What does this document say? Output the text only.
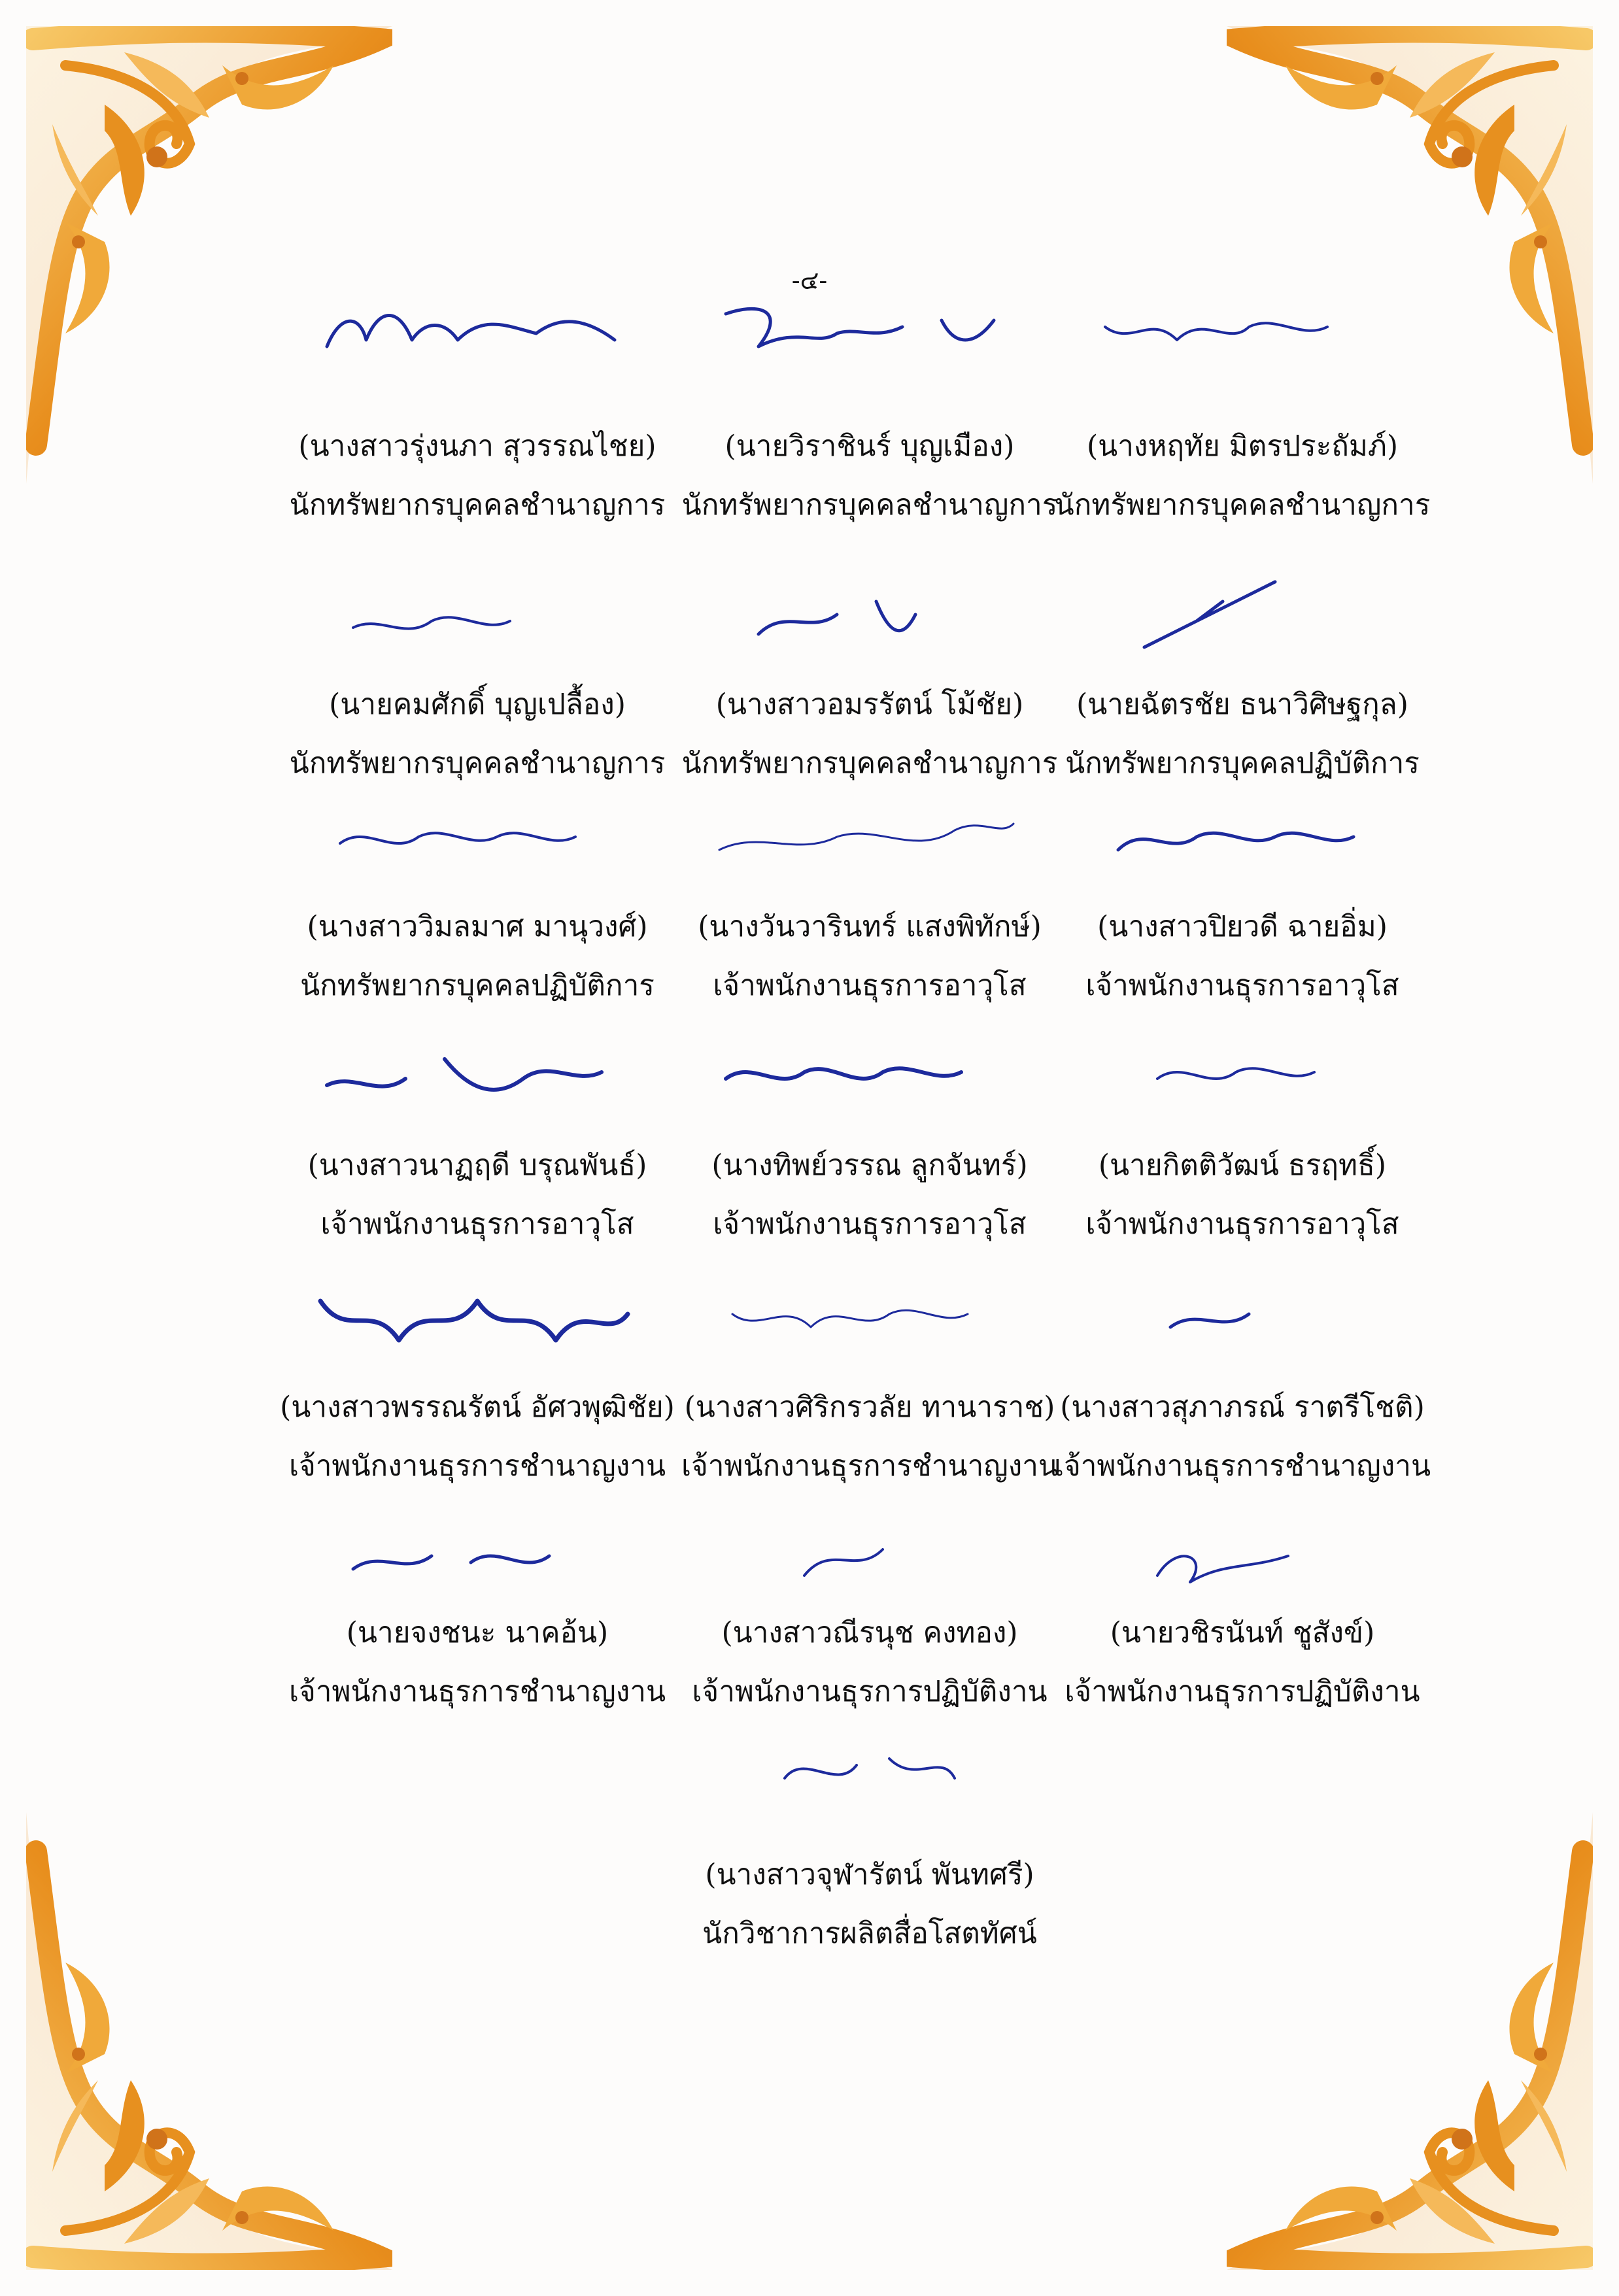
-๔-
(นางสาวรุ่งนภา สุวรรณไชย)
นักทรัพยากรบุคคลชำนาญการ
(นายวิราชินร์ บุญเมือง)
นักทรัพยากรบุคคลชำนาญการ
(นางหฤทัย มิตรประถัมภ์)
นักทรัพยากรบุคคลชำนาญการ
(นายคมศักดิ์ บุญเปลื้อง)
นักทรัพยากรบุคคลชำนาญการ
(นางสาวอมรรัตน์ โม้ชัย)
นักทรัพยากรบุคคลชำนาญการ
(นายฉัตรชัย ธนาวิศิษฐกุล)
นักทรัพยากรบุคคลปฏิบัติการ
(นางสาววิมลมาศ มานุวงศ์)
นักทรัพยากรบุคคลปฏิบัติการ
(นางวันวารินทร์ แสงพิทักษ์)
เจ้าพนักงานธุรการอาวุโส
(นางสาวปิยวดี ฉายอิ่ม)
เจ้าพนักงานธุรการอาวุโส
(นางสาวนาฏฤดี บรุณพันธ์)
เจ้าพนักงานธุรการอาวุโส
(นางทิพย์วรรณ ลูกจันทร์)
เจ้าพนักงานธุรการอาวุโส
(นายกิตติวัฒน์ ธรฤทธิ์)
เจ้าพนักงานธุรการอาวุโส
(นางสาวพรรณรัตน์ อัศวพุฒิชัย)
เจ้าพนักงานธุรการชำนาญงาน
(นางสาวศิริกรวลัย ทานาราช)
เจ้าพนักงานธุรการชำนาญงาน
(นางสาวสุภาภรณ์ ราตรีโชติ)
เจ้าพนักงานธุรการชำนาญงาน
(นายจงชนะ นาคอ้น)
เจ้าพนักงานธุรการชำนาญงาน
(นางสาวณีรนุช คงทอง)
เจ้าพนักงานธุรการปฏิบัติงาน
(นายวชิรนันท์ ชูสังข์)
เจ้าพนักงานธุรการปฏิบัติงาน
(นางสาวจุฬารัตน์ พันทศรี)
นักวิชาการผลิตสื่อโสตทัศน์
